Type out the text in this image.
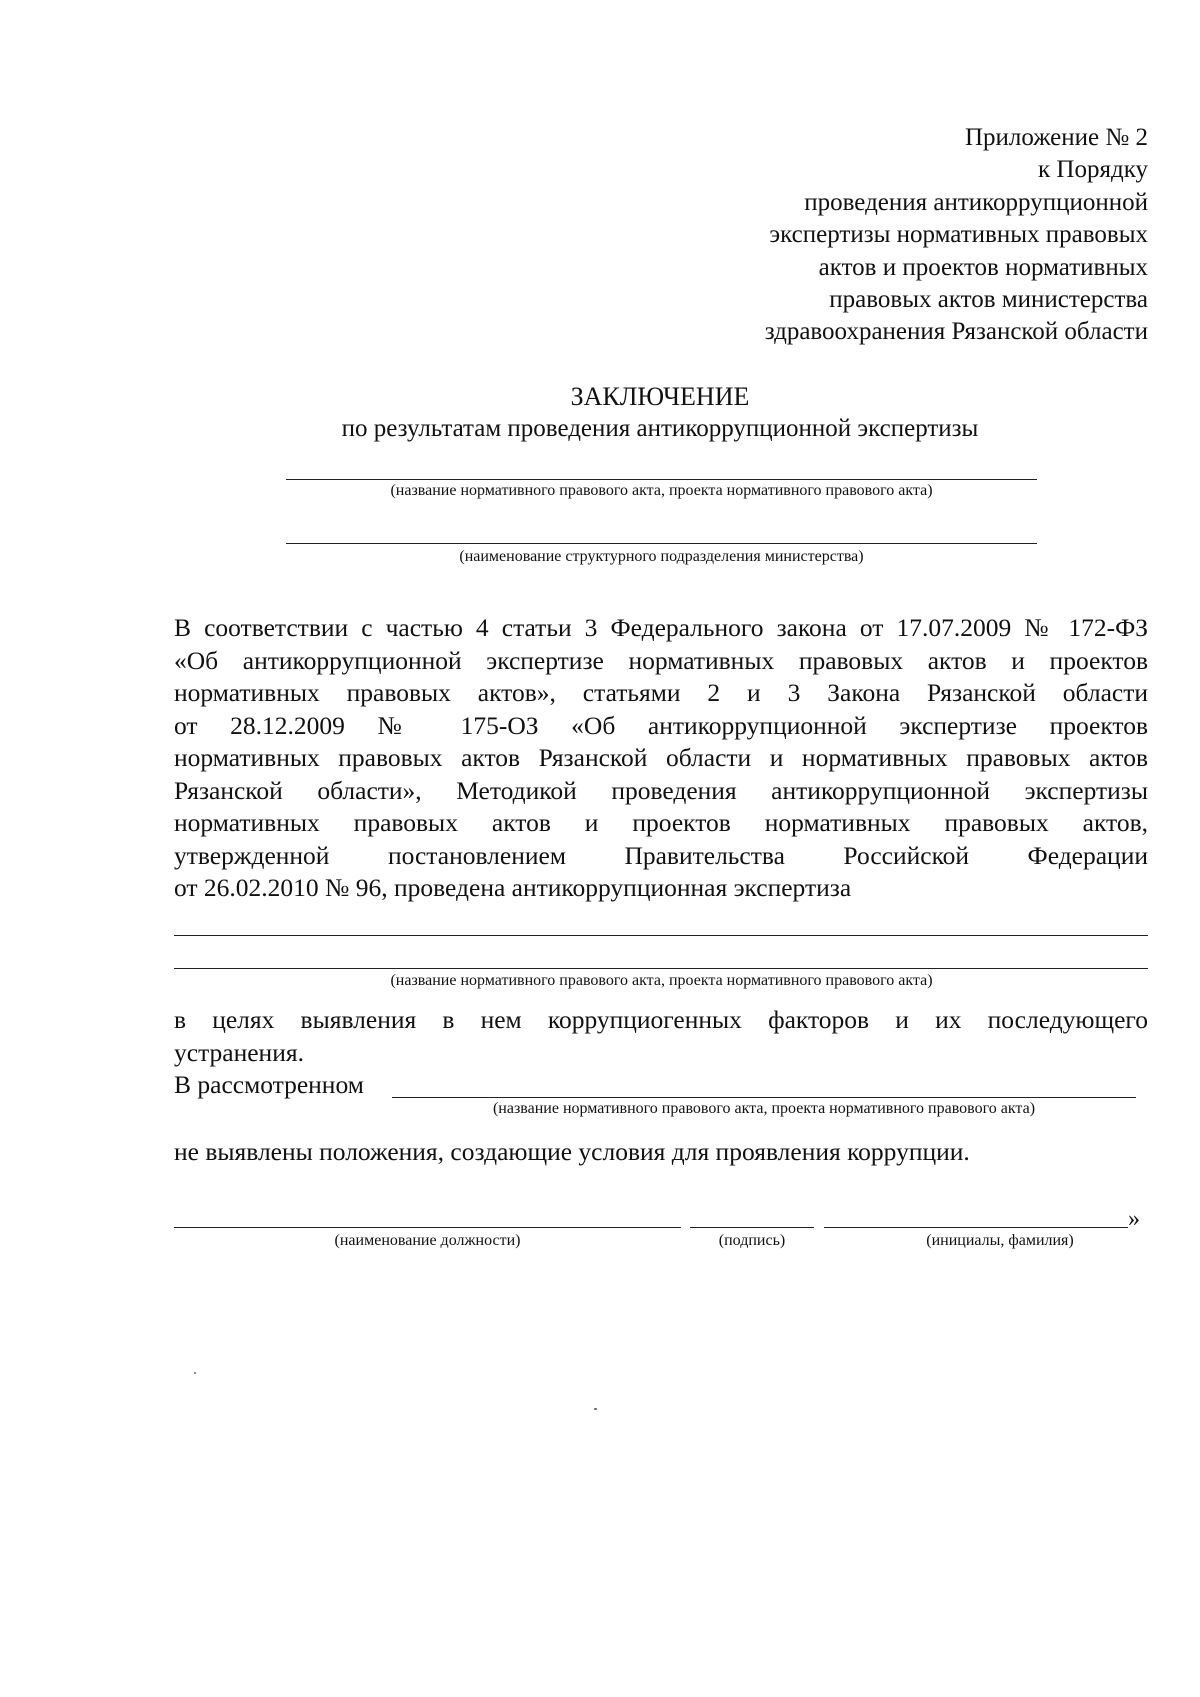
Приложение № 2
к Порядку
проведения антикоррупционной
экспертизы нормативных правовых
актов и проектов нормативных
правовых актов министерства
здравоохранения Рязанской области
ЗАКЛЮЧЕНИЕ
по результатам проведения антикоррупционной экспертизы
(название нормативного правового акта, проекта нормативного правового акта)
(наименование структурного подразделения министерства)
В соответствии с частью 4 статьи 3 Федерального закона от 17.07.2009 № 172-ФЗ
«Об антикоррупционной экспертизе нормативных правовых актов и проектов
нормативных правовых актов», статьями 2 и 3 Закона Рязанской области
от 28.12.2009 № 175-ОЗ «Об антикоррупционной экспертизе проектов
нормативных правовых актов Рязанской области и нормативных правовых актов
Рязанской области», Методикой проведения антикоррупционной экспертизы
нормативных правовых актов и проектов нормативных правовых актов,
утвержденной постановлением Правительства Российской Федерации
от 26.02.2010 № 96, проведена антикоррупционная экспертиза
(название нормативного правового акта, проекта нормативного правового акта)
в целях выявления в нем коррупциогенных факторов и их последующего
устранения.
В рассмотренном
(название нормативного правового акта, проекта нормативного правового акта)
не выявлены положения, создающие условия для проявления коррупции.
(наименование должности)	(подпись)	(инициалы, фамилия)
»
